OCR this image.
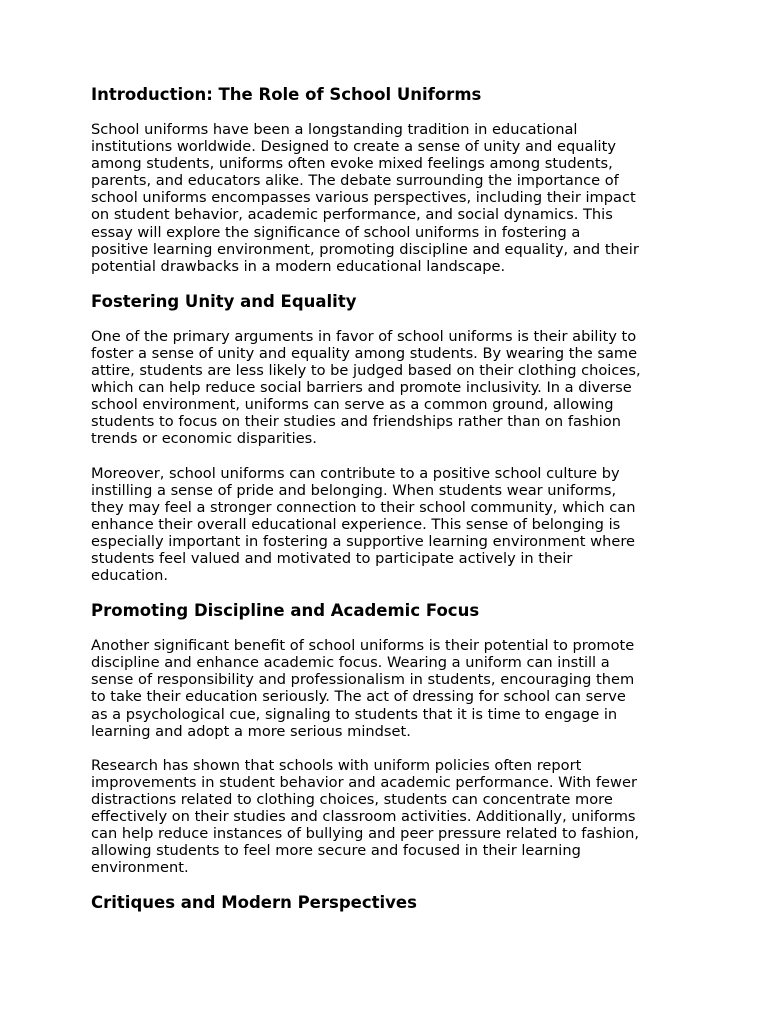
Introduction: The Role of School Uniforms

School uniforms have been a longstanding tradition in educational
institutions worldwide. Designed to create a sense of unity and equality
among students, uniforms often evoke mixed feelings among students,
parents, and educators alike. The debate surrounding the importance of
school uniforms encompasses various perspectives, including their impact
on student behavior, academic performance, and social dynamics. This
essay will explore the significance of school uniforms in fostering a
positive learning environment, promoting discipline and equality, and their
potential drawbacks in a modern educational landscape.

Fostering Unity and Equality

One of the primary arguments in favor of school uniforms is their ability to
foster a sense of unity and equality among students. By wearing the same
attire, students are less likely to be judged based on their clothing choices,
which can help reduce social barriers and promote inclusivity. In a diverse
school environment, uniforms can serve as a common ground, allowing
students to focus on their studies and friendships rather than on fashion
trends or economic disparities.

Moreover, school uniforms can contribute to a positive school culture by
instilling a sense of pride and belonging. When students wear uniforms,
they may feel a stronger connection to their school community, which can
enhance their overall educational experience. This sense of belonging is
especially important in fostering a supportive learning environment where
students feel valued and motivated to participate actively in their
education.

Promoting Discipline and Academic Focus

Another significant benefit of school uniforms is their potential to promote
discipline and enhance academic focus. Wearing a uniform can instill a
sense of responsibility and professionalism in students, encouraging them
to take their education seriously. The act of dressing for school can serve
as a psychological cue, signaling to students that it is time to engage in
learning and adopt a more serious mindset.

Research has shown that schools with uniform policies often report
improvements in student behavior and academic performance. With fewer
distractions related to clothing choices, students can concentrate more
effectively on their studies and classroom activities. Additionally, uniforms
can help reduce instances of bullying and peer pressure related to fashion,
allowing students to feel more secure and focused in their learning
environment.

Critiques and Modern Perspectives
